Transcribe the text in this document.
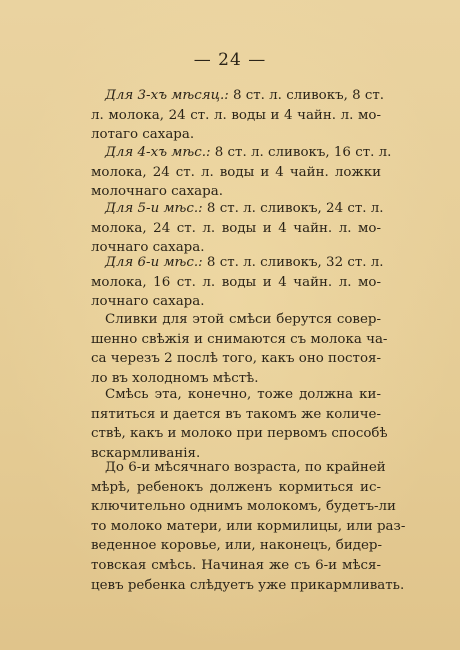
— 24 —

Для 3-хъ мѣсяц.: 8 ст. л. сливокъ, 8 ст.

л. молока, 24 ст. л. воды и 4 чайн. л. мо-
лотаго сахара.

Для 4-хъ мѣс.: 8 ст. л. сливокъ, 16 ст. л.

молока, 24 ст. л. воды и 4 чайн. ложки
молочнаго сахара.

Для 5-и мѣс.: 8 ст. л. сливокъ, 24 ст. л.

молока, 24 ст. л. воды и 4 чайн. л. мо-
лочнаго сахара.

Для 6-и мѣс.: 8 ст. л. сливокъ, 32 ст. л.

молока, 16 ст. л. воды и 4 чайн. л. мо-
лочнаго сахара.

Сливки для этой смѣси берутся совер-
шенно свѣжія и снимаются съ молока ча-
са черезъ 2 послѣ того, какъ оно постоя-
ло въ холодномъ мѣстѣ.

Смѣсь эта, конечно, тоже должна ки-
пятиться и дается въ такомъ же количе-
ствѣ, какъ и молоко при первомъ способѣ
вскармливанія.

До 6-и мѣсячнаго возраста, по крайней
мѣрѣ, ребенокъ долженъ кормиться ис-
ключительно однимъ молокомъ, будетъ-ли
то молоко матери, или кормилицы, или раз-
веденное коровье, или, наконецъ, бидер-
товская смѣсь. Начиная же съ 6-и мѣся-
цевъ ребенка слѣдуетъ уже прикармливать.
